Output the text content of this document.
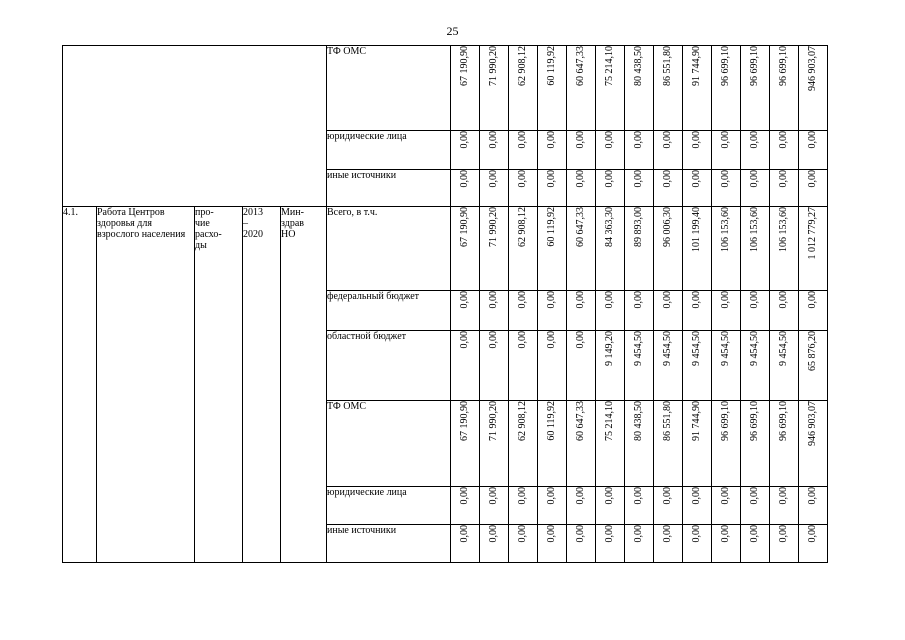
25
					ТФ ОМС	67 190,90	71 990,20	62 908,12	60 119,92	60 647,33	75 214,10	80 438,50	86 551,80	91 744,90	96 699,10	96 699,10	96 699,10	946 903,07
					юридические лица	0,00	0,00	0,00	0,00	0,00	0,00	0,00	0,00	0,00	0,00	0,00	0,00	0,00
					иные источники	0,00	0,00	0,00	0,00	0,00	0,00	0,00	0,00	0,00	0,00	0,00	0,00	0,00
4.1.	Работа Центров здоровья для взрослого населения	про-
чие
расхо-
ды	2013
–
2020	Мин-
здрав
НО	Всего, в т.ч.	67 190,90	71 990,20	62 908,12	60 119,92	60 647,33	84 363,30	89 893,00	96 006,30	101 199,40	106 153,60	106 153,60	106 153,60	1 012 779,27
					федеральный бюджет	0,00	0,00	0,00	0,00	0,00	0,00	0,00	0,00	0,00	0,00	0,00	0,00	0,00
					областной бюджет	0,00	0,00	0,00	0,00	0,00	9 149,20	9 454,50	9 454,50	9 454,50	9 454,50	9 454,50	9 454,50	65 876,20
					ТФ ОМС	67 190,90	71 990,20	62 908,12	60 119,92	60 647,33	75 214,10	80 438,50	86 551,80	91 744,90	96 699,10	96 699,10	96 699,10	946 903,07
					юридические лица	0,00	0,00	0,00	0,00	0,00	0,00	0,00	0,00	0,00	0,00	0,00	0,00	0,00
					иные источники	0,00	0,00	0,00	0,00	0,00	0,00	0,00	0,00	0,00	0,00	0,00	0,00	0,00
